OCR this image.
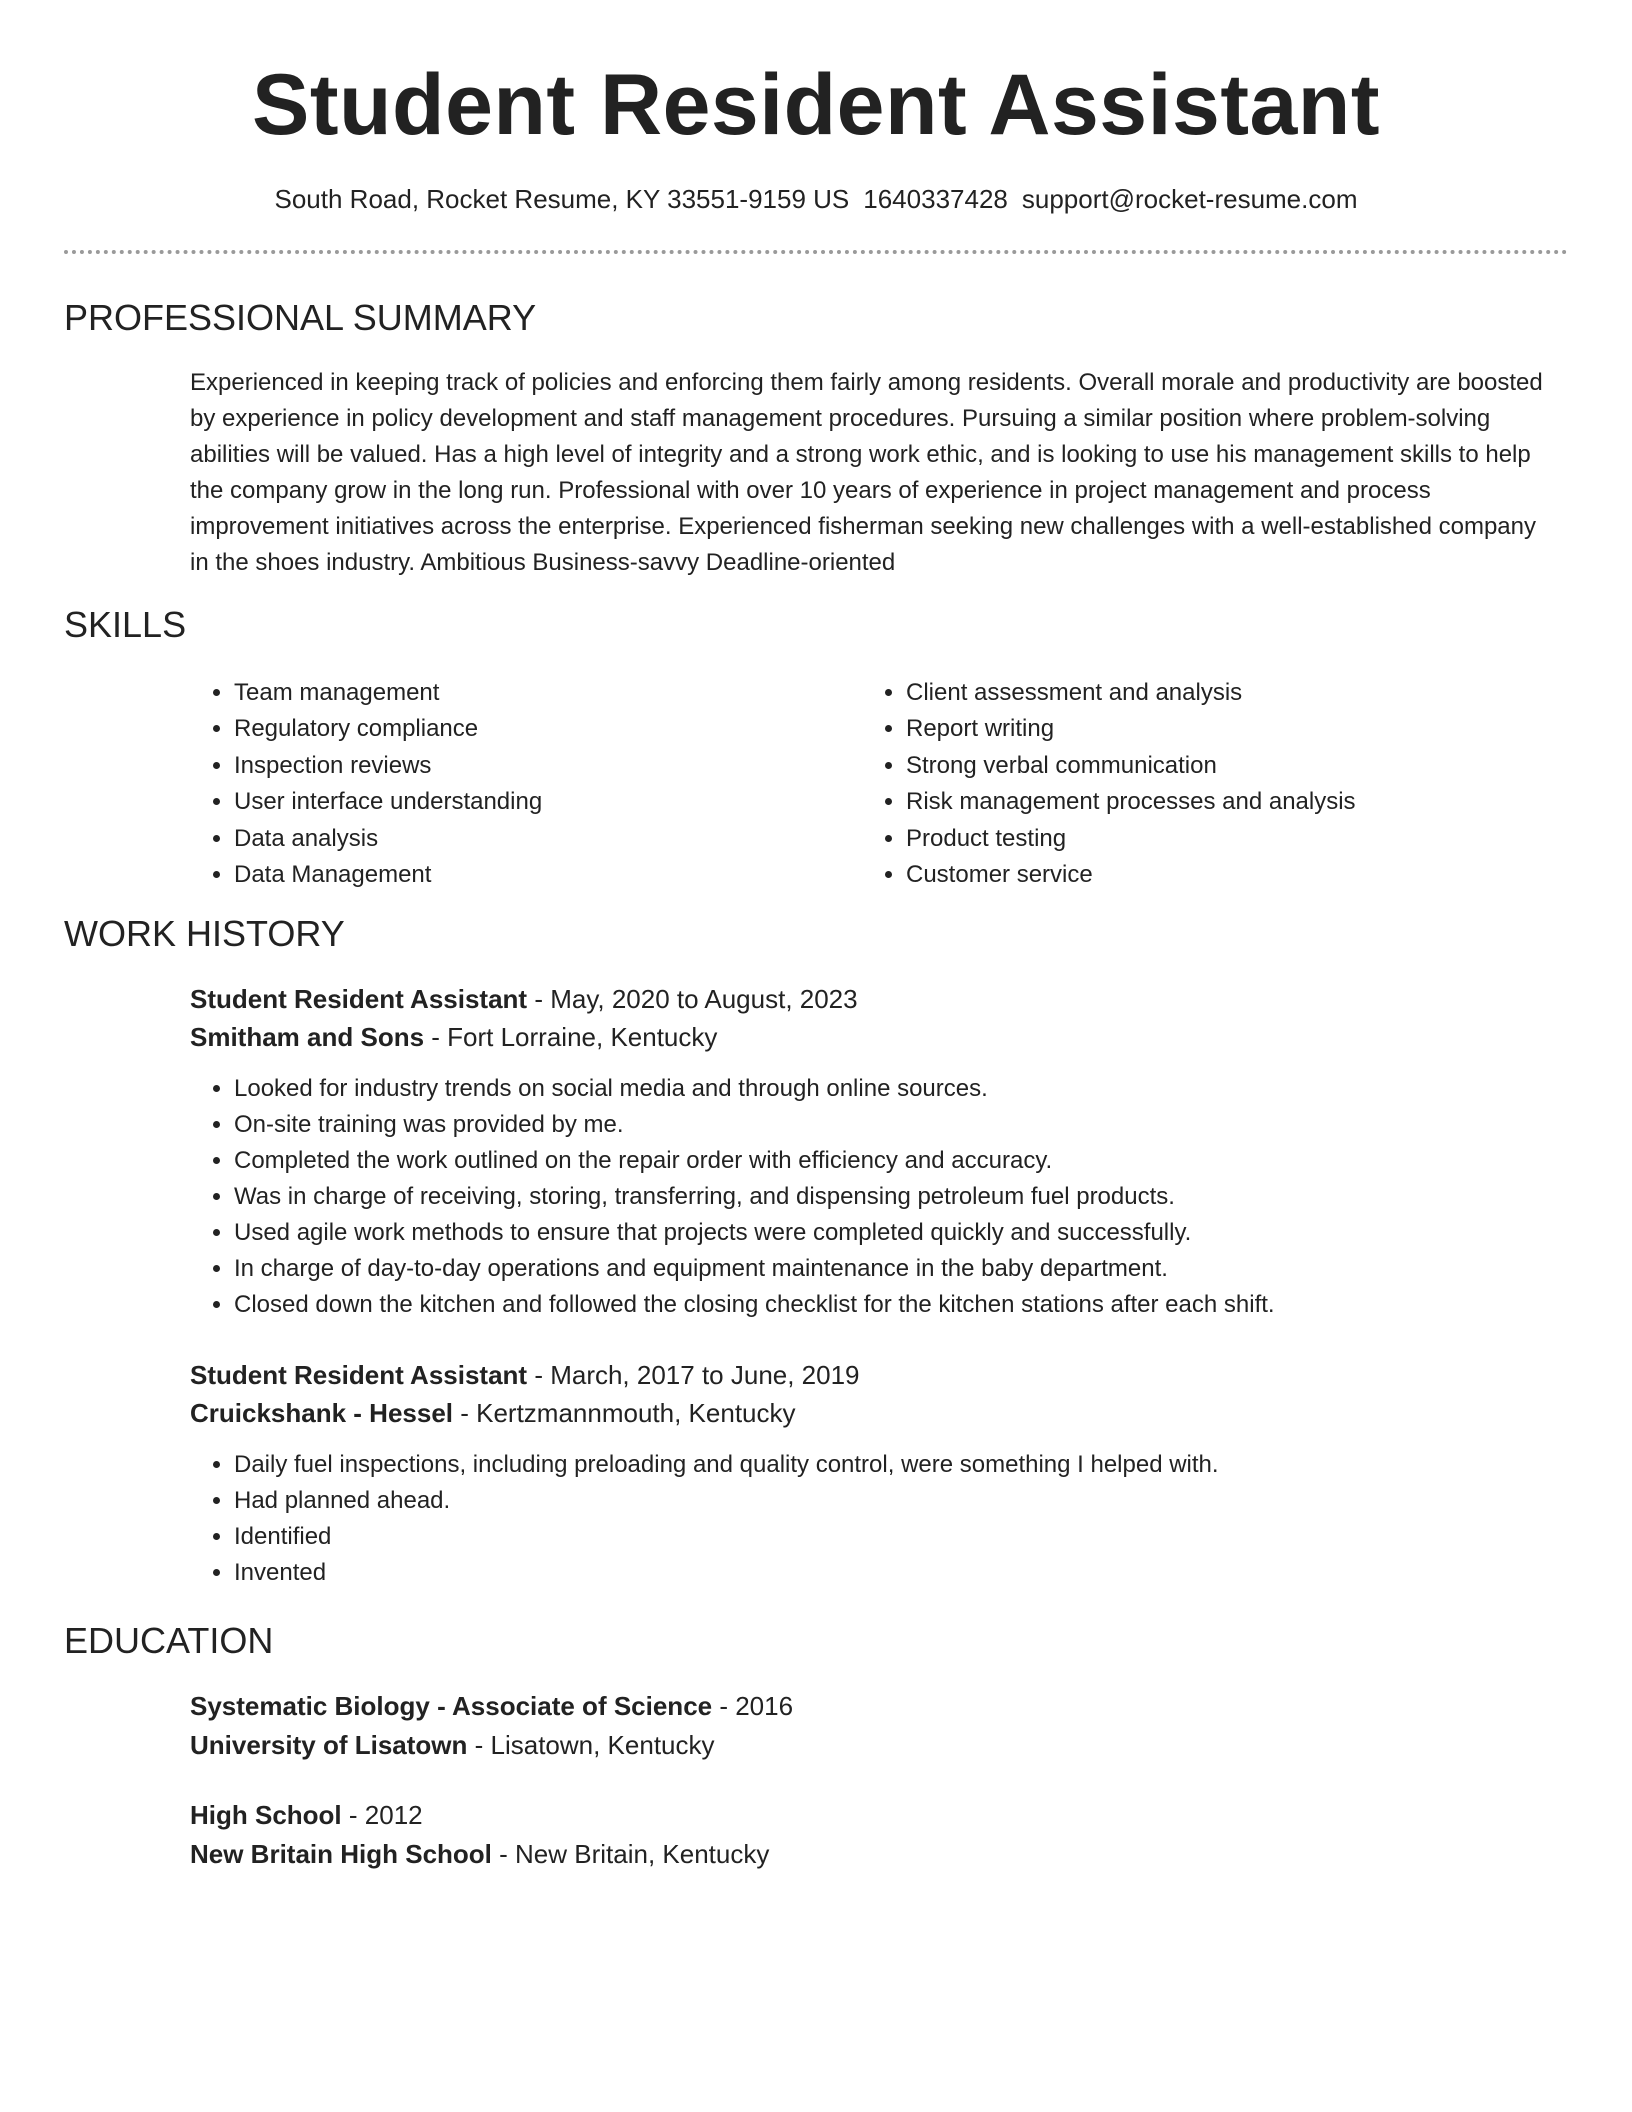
Student Resident Assistant
South Road, Rocket Resume, KY 33551-9159 US 1640337428 support@rocket-resume.com
PROFESSIONAL SUMMARY

Experienced in keeping track of policies and enforcing them fairly among residents. Overall morale and productivity are boosted by experience in policy development and staff management procedures. Pursuing a similar position where problem-solving abilities will be valued. Has a high level of integrity and a strong work ethic, and is looking to use his management skills to help the company grow in the long run. Professional with over 10 years of experience in project management and process improvement initiatives across the enterprise. Experienced fisherman seeking new challenges with a well-established company in the shoes industry. Ambitious Business-savvy Deadline-oriented

SKILLS
• Team management
• Regulatory compliance
• Inspection reviews
• User interface understanding
• Data analysis
• Data Management
• Client assessment and analysis
• Report writing
• Strong verbal communication
• Risk management processes and analysis
• Product testing
• Customer service
WORK HISTORY
Student Resident Assistant - May, 2020 to August, 2023
Smitham and Sons - Fort Lorraine, Kentucky
• Looked for industry trends on social media and through online sources.
• On-site training was provided by me.
• Completed the work outlined on the repair order with efficiency and accuracy.
• Was in charge of receiving, storing, transferring, and dispensing petroleum fuel products.
• Used agile work methods to ensure that projects were completed quickly and successfully.
• In charge of day-to-day operations and equipment maintenance in the baby department.
• Closed down the kitchen and followed the closing checklist for the kitchen stations after each shift.
Student Resident Assistant - March, 2017 to June, 2019
Cruickshank - Hessel - Kertzmannmouth, Kentucky
• Daily fuel inspections, including preloading and quality control, were something I helped with.
• Had planned ahead.
• Identified
• Invented
EDUCATION
Systematic Biology - Associate of Science - 2016
University of Lisatown - Lisatown, Kentucky
High School - 2012
New Britain High School - New Britain, Kentucky
